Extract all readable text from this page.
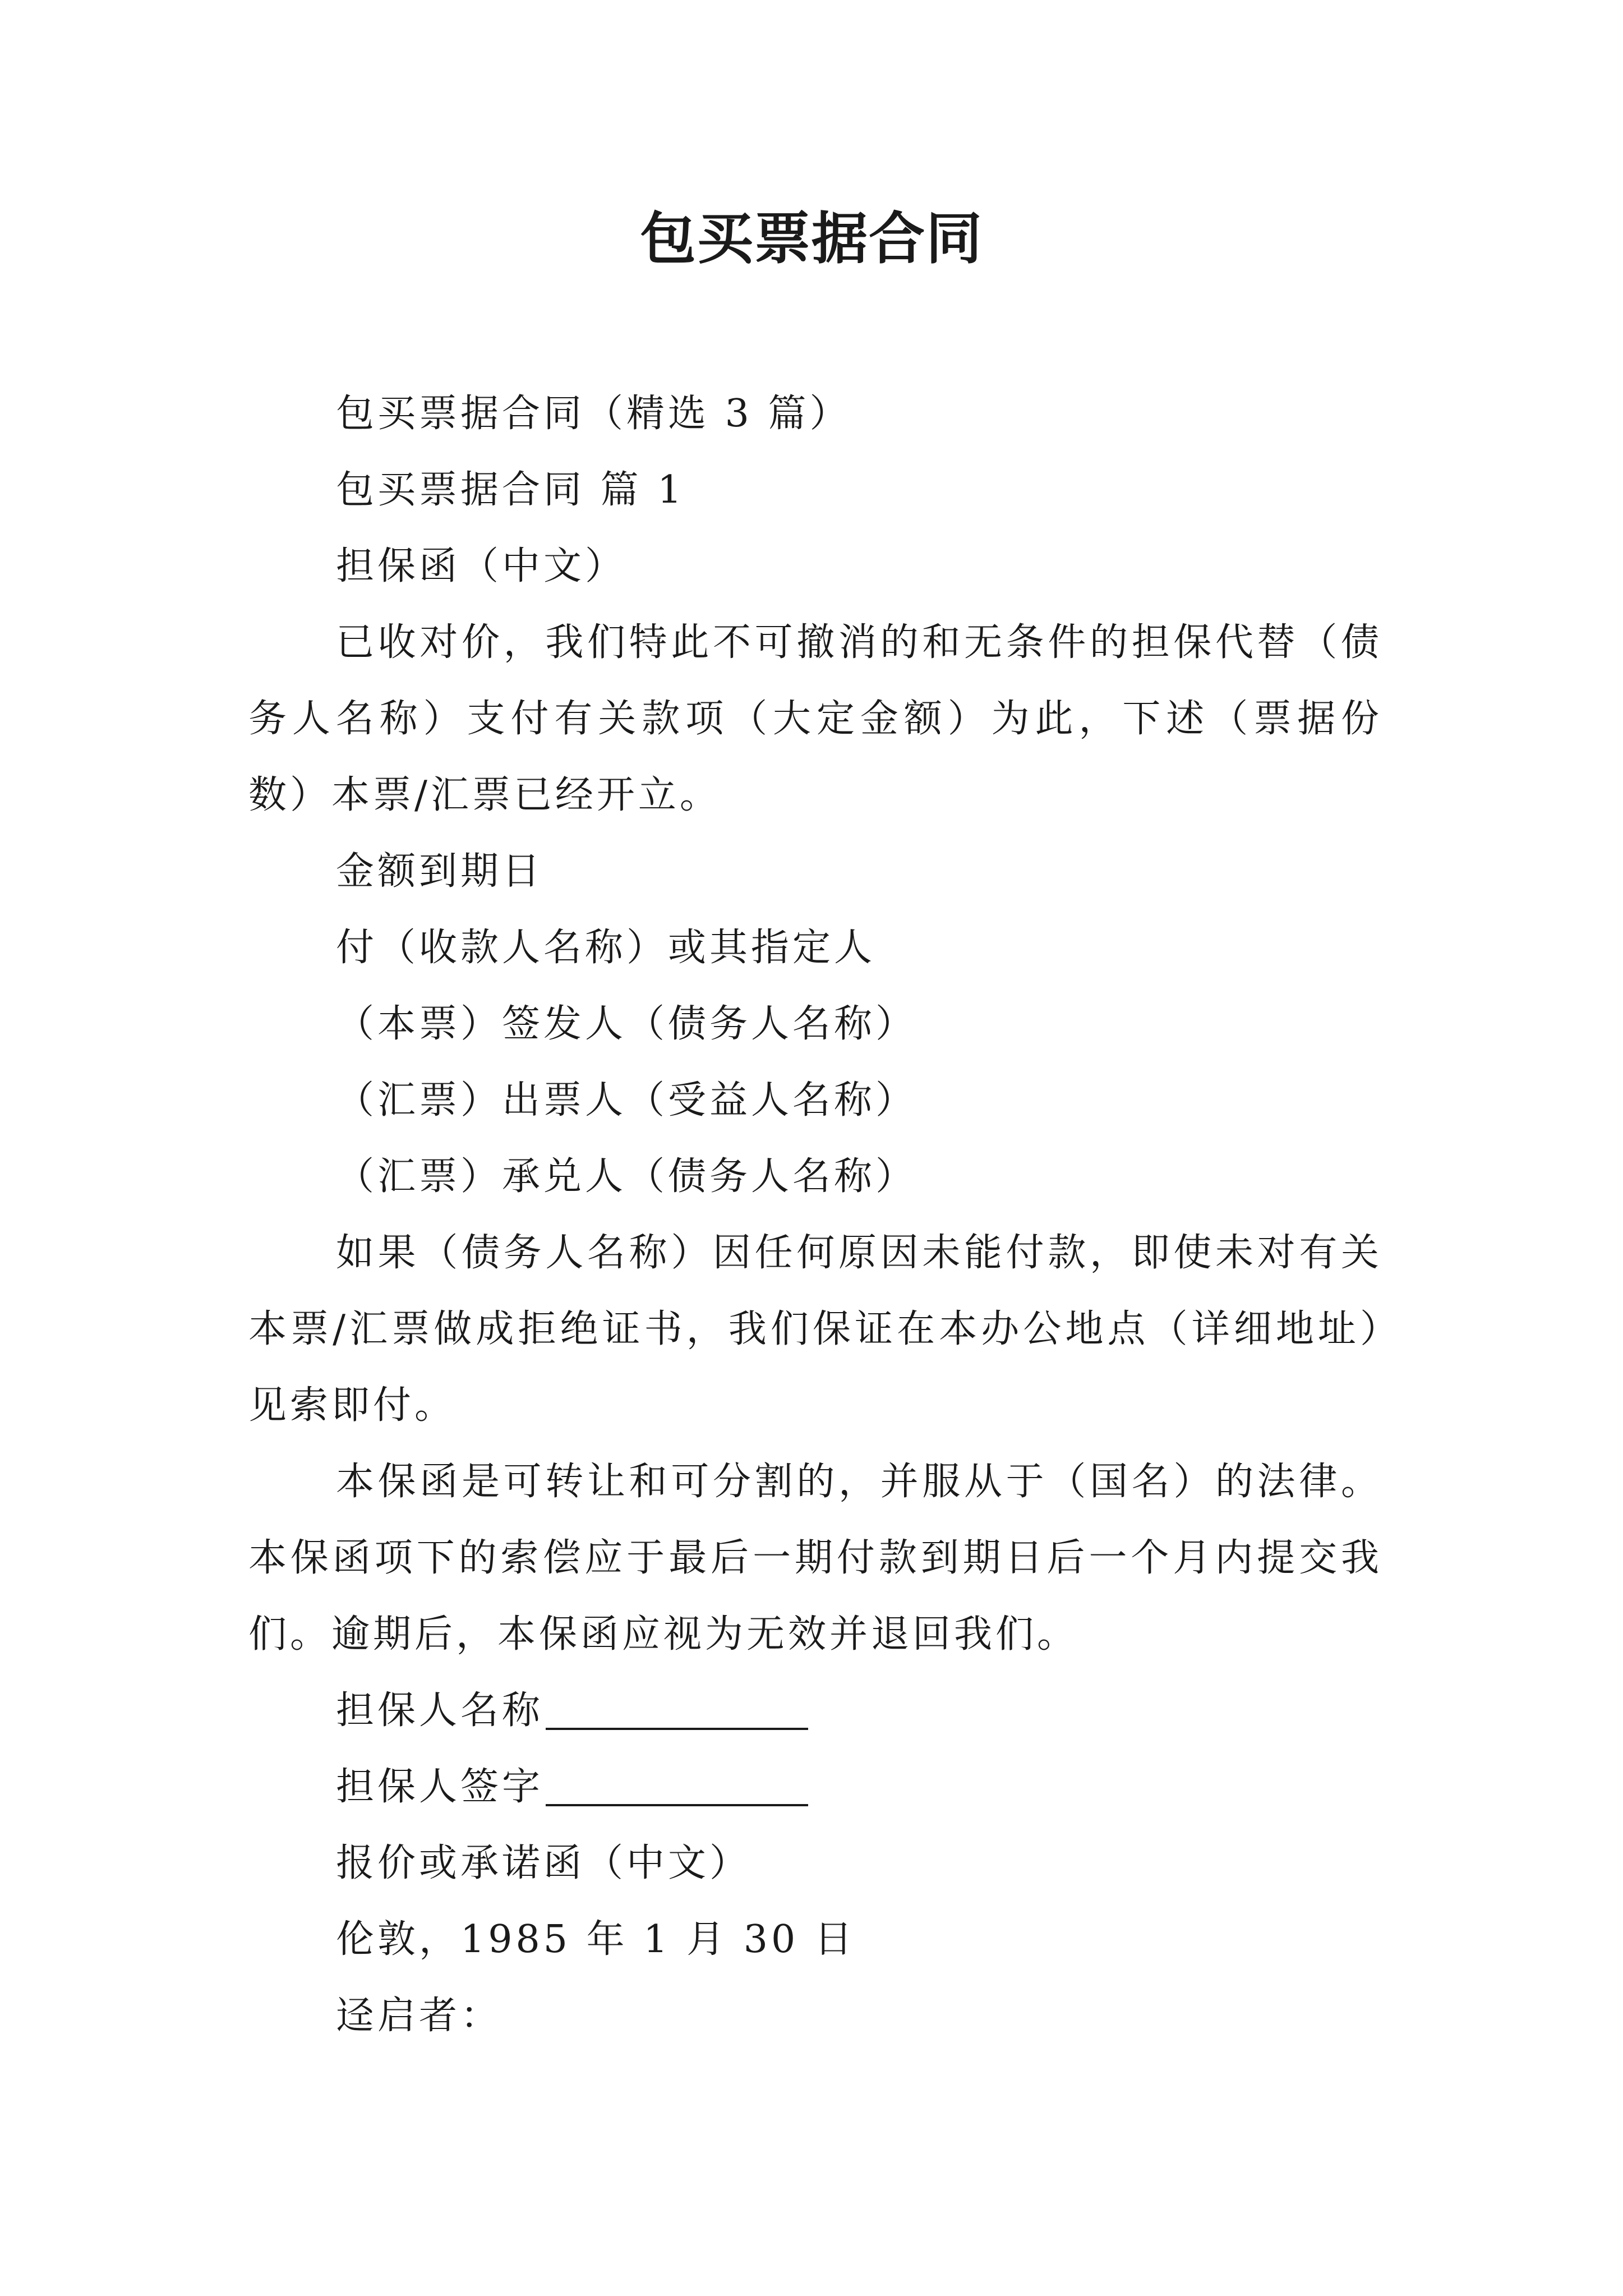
包买票据合同

包买票据合同（精选 3 篇）

包买票据合同 篇 1

担保函（中文）

已收对价，我们特此不可撤消的和无条件的担保代替（债务人名称）支付有关款项（大定金额）为此，下述（票据份数）本票/汇票已经开立。

金额到期日

付（收款人名称）或其指定人

（本票）签发人（债务人名称）

（汇票）出票人（受益人名称）

（汇票）承兑人（债务人名称）

如果（债务人名称）因任何原因未能付款，即使未对有关本票/汇票做成拒绝证书，我们保证在本办公地点（详细地址）见索即付。

本保函是可转让和可分割的，并服从于（国名）的法律。本保函项下的索偿应于最后一期付款到期日后一个月内提交我们。逾期后，本保函应视为无效并退回我们。

担保人名称

担保人签字

报价或承诺函（中文）

伦敦，1985 年 1 月 30 日

迳启者：
